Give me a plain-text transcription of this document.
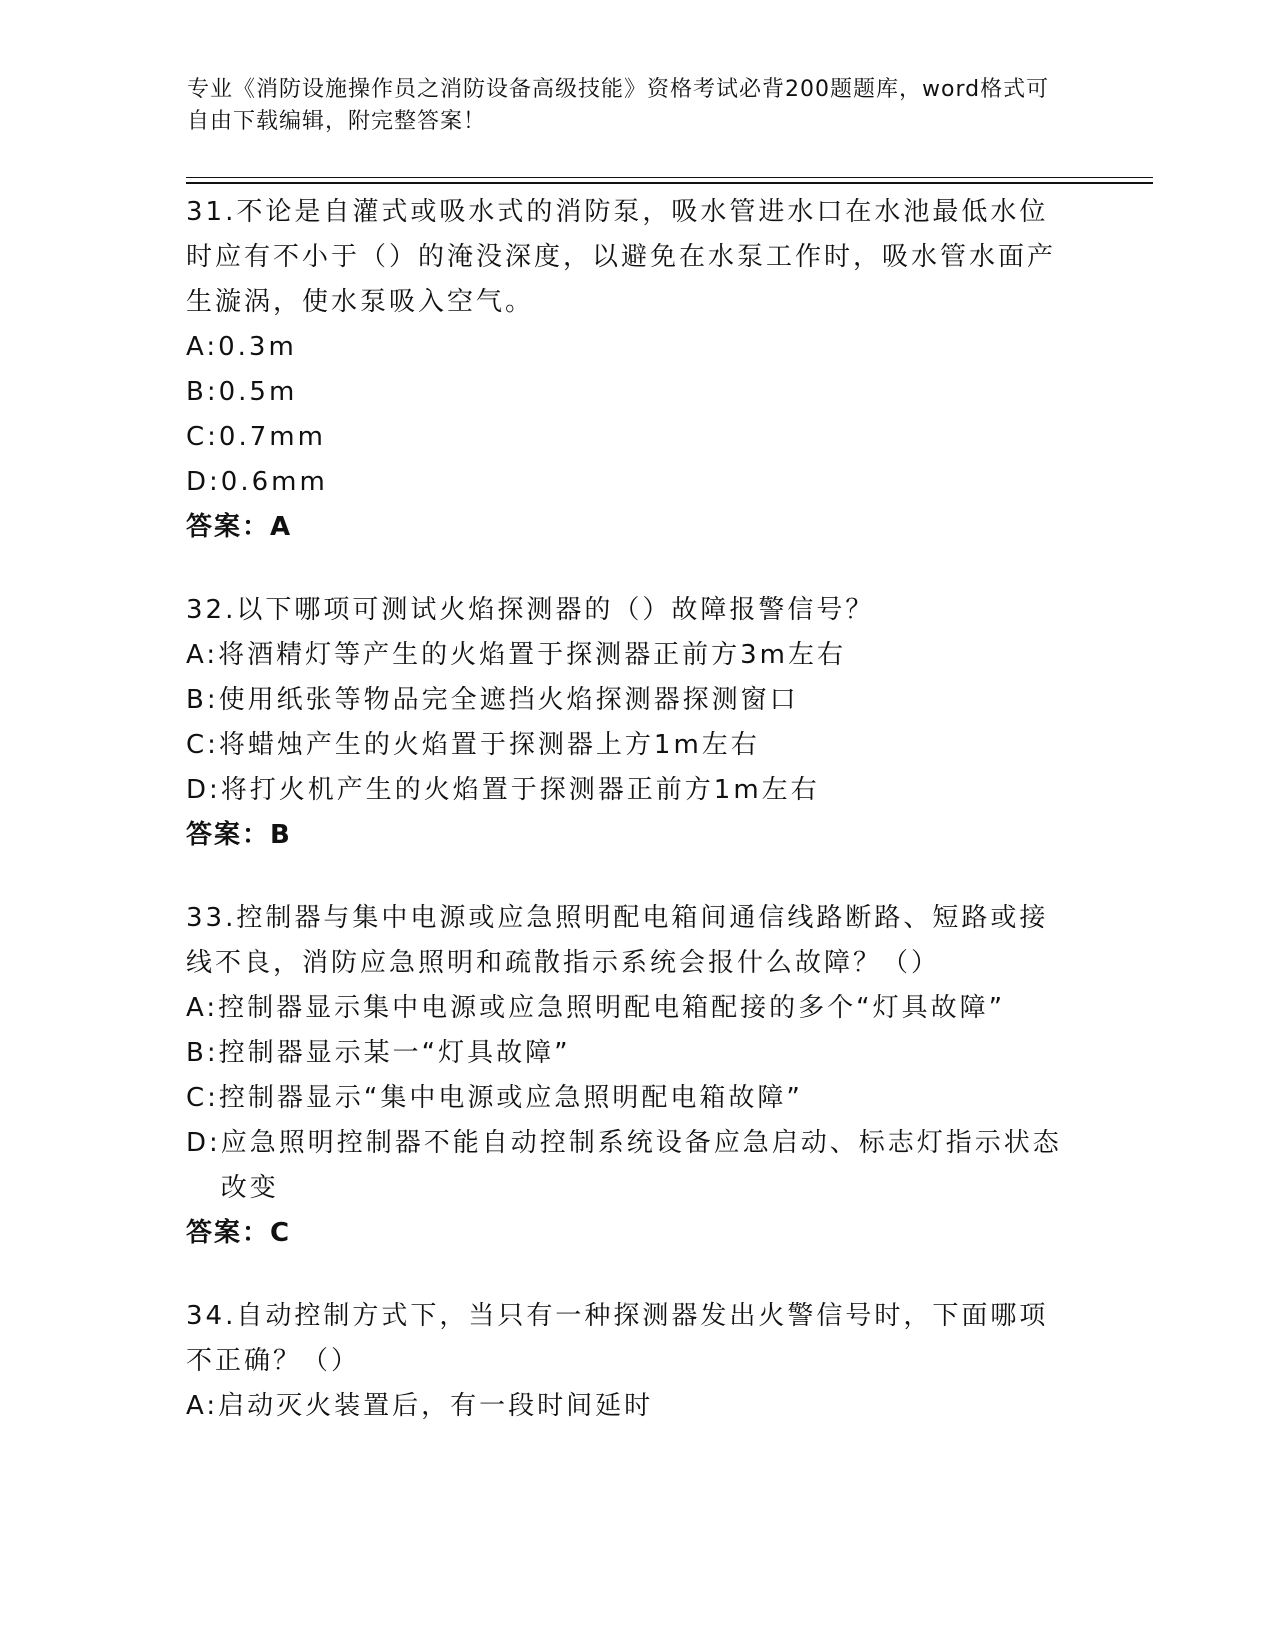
专业《消防设施操作员之消防设备高级技能》资格考试必背200题题库，word格式可自由下载编辑，附完整答案！

31.不论是自灌式或吸水式的消防泵，吸水管进水口在水池最低水位时应有不小于（）的淹没深度，以避免在水泵工作时，吸水管水面产生漩涡，使水泵吸入空气。

A: 0.3m

B: 0.5m

C: 0.7mm

D: 0.6mm

答案：A

32.以下哪项可测试火焰探测器的（）故障报警信号？

A: 将酒精灯等产生的火焰置于探测器正前方3m左右

B: 使用纸张等物品完全遮挡火焰探测器探测窗口

C: 将蜡烛产生的火焰置于探测器上方1m左右

D: 将打火机产生的火焰置于探测器正前方1m左右

答案：B

33.控制器与集中电源或应急照明配电箱间通信线路断路、短路或接线不良，消防应急照明和疏散指示系统会报什么故障？（）

A: 控制器显示集中电源或应急照明配电箱配接的多个“灯具故障”

B: 控制器显示某一“灯具故障”

C: 控制器显示“集中电源或应急照明配电箱故障”

D: 应急照明控制器不能自动控制系统设备应急启动、标志灯指示状态改变

答案：C

34.自动控制方式下，当只有一种探测器发出火警信号时，下面哪项不正确？（）

A: 启动灭火装置后，有一段时间延时
